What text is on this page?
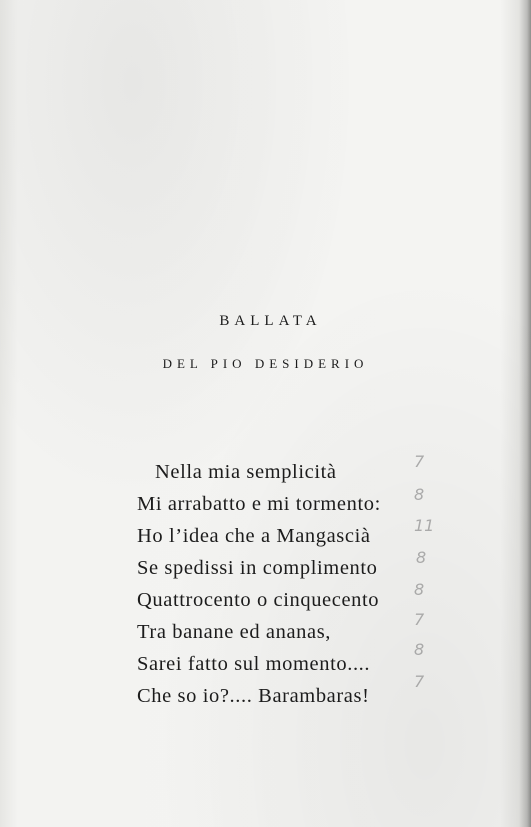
BALLATA
DEL PIO DESIDERIO
Nella mia semplicità
Mi arrabatto e mi tormento:
Ho l’idea che a Mangascià
Se spedissi in complimento
Quattrocento o cinquecento
Tra banane ed ananas,
Sarei fatto sul momento....
Che so io?.... Barambaras!
7
8
11
8
8
7
8
7
